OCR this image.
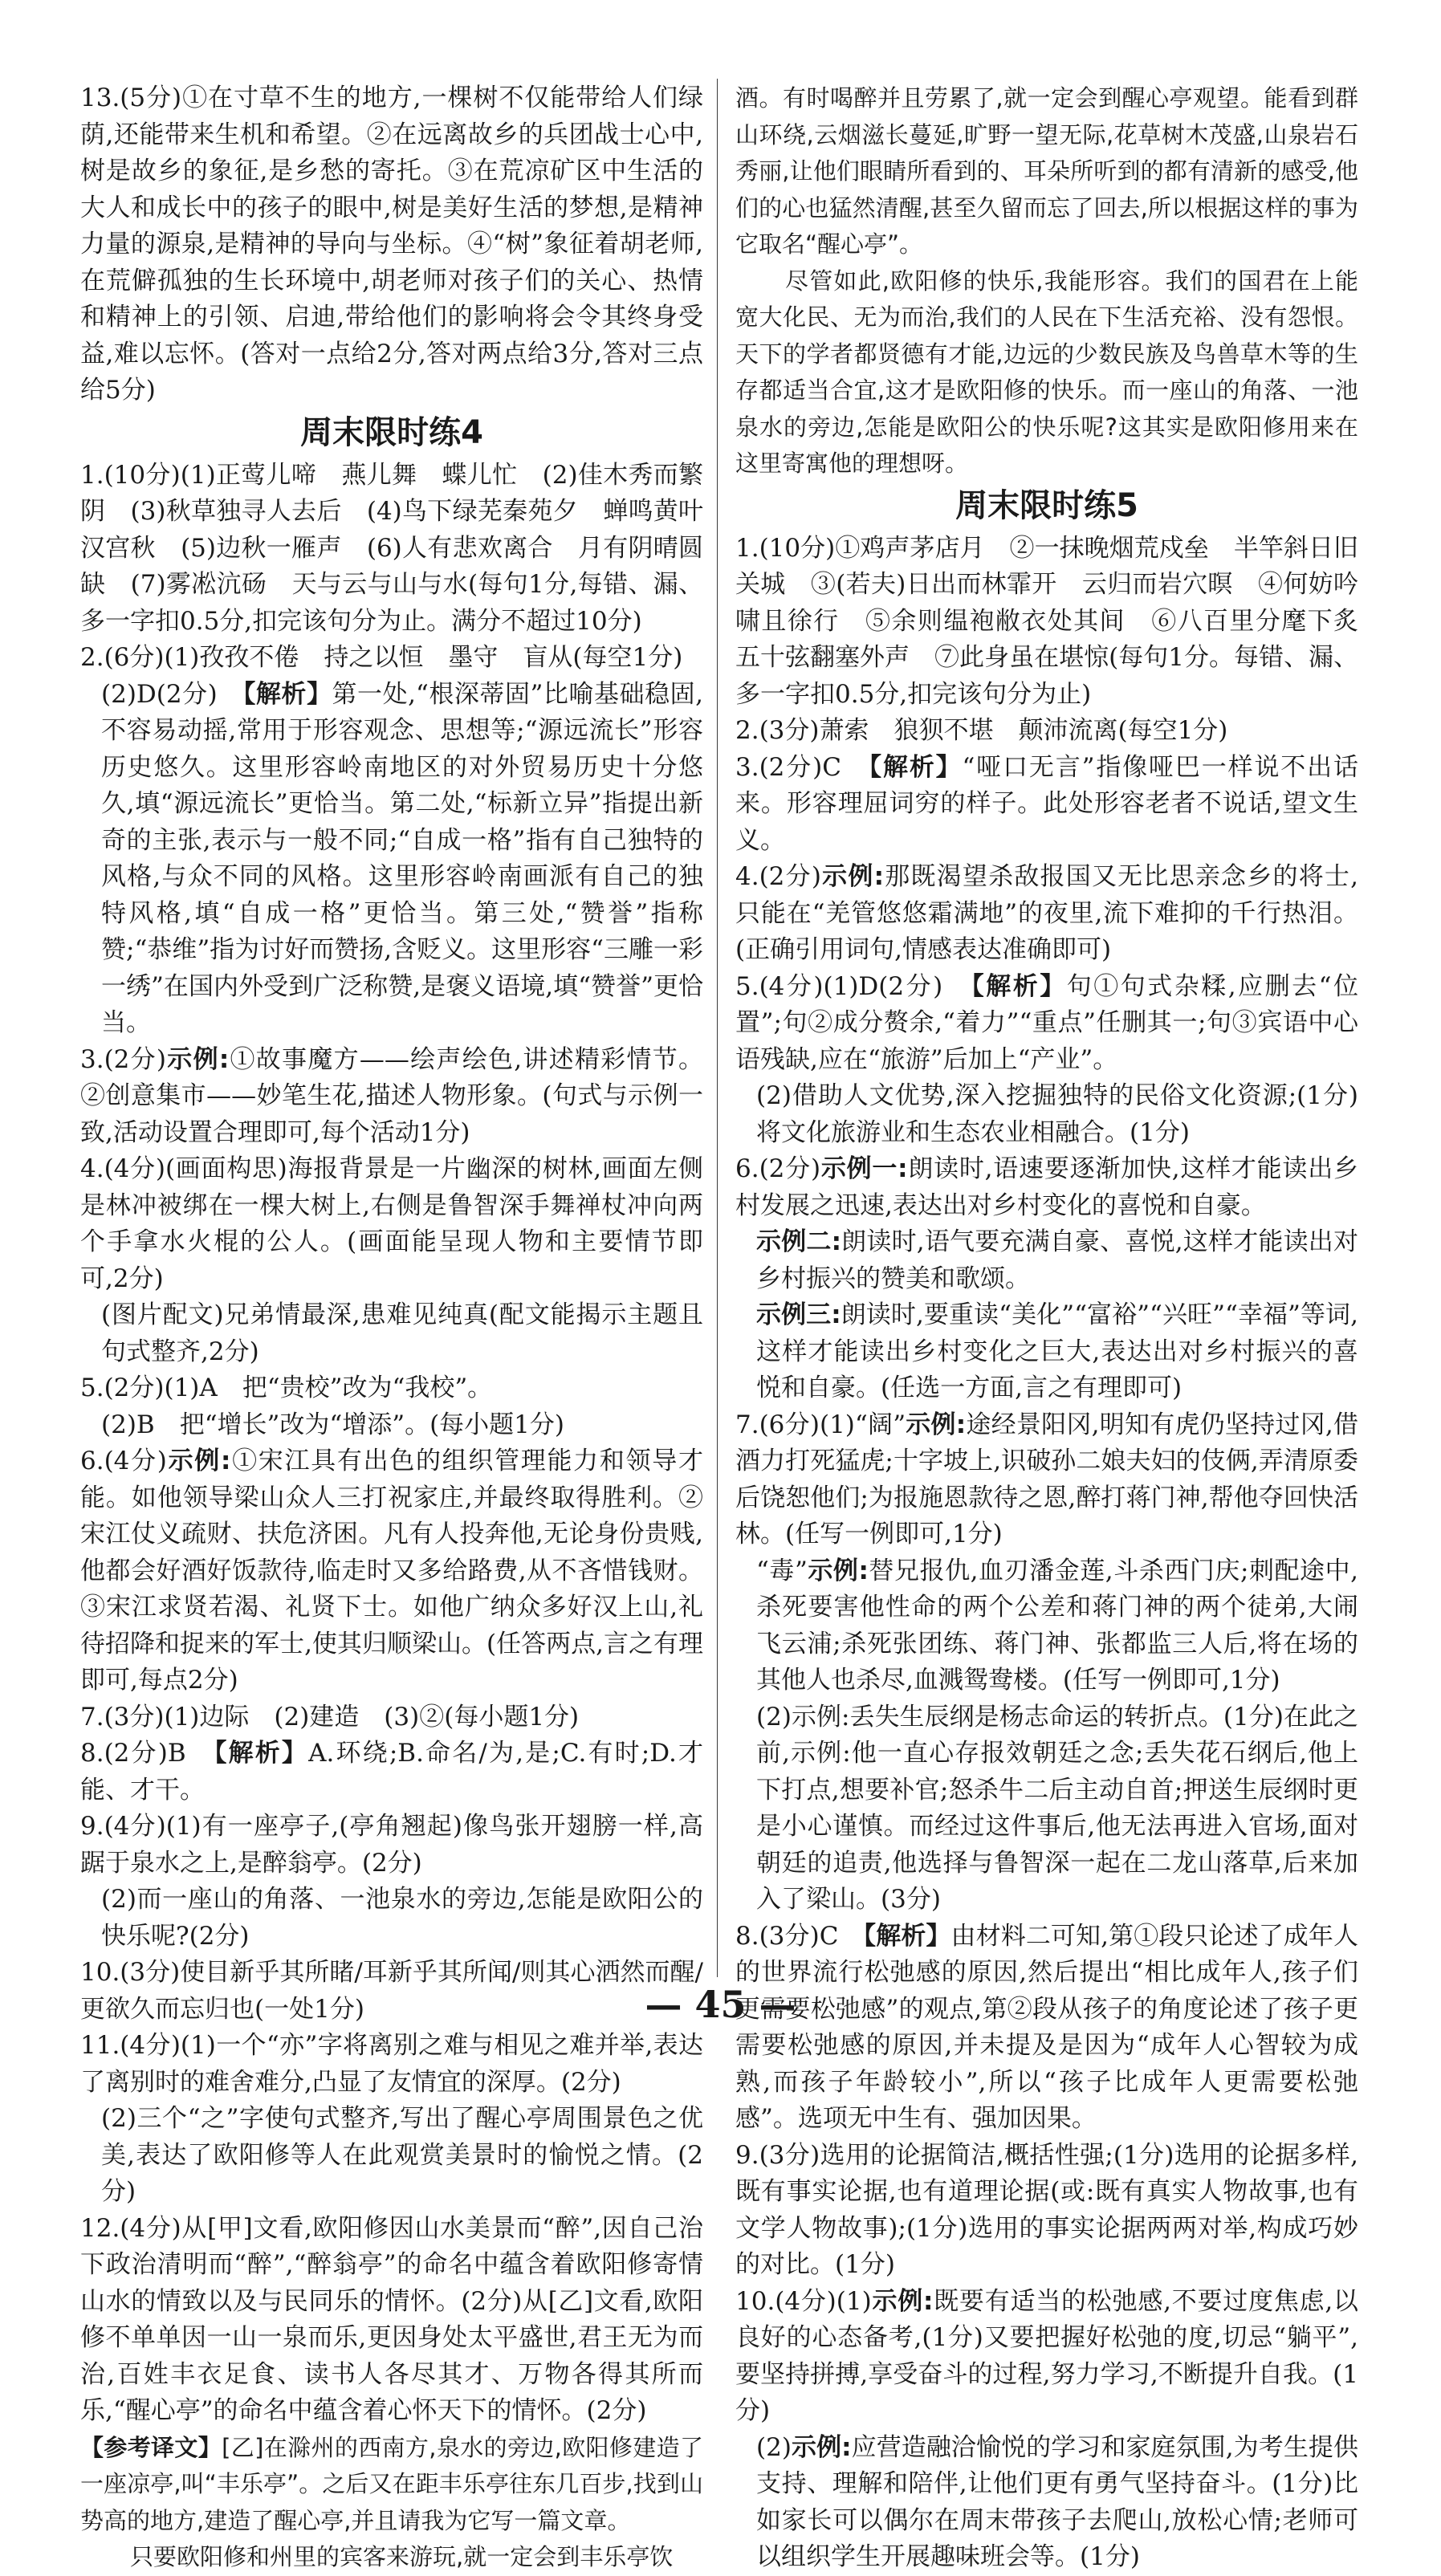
13.(5分)①在寸草不生的地方,一棵树不仅能带给人们绿荫,还能带来生机和希望。②在远离故乡的兵团战士心中,树是故乡的象征,是乡愁的寄托。③在荒凉矿区中生活的大人和成长中的孩子的眼中,树是美好生活的梦想,是精神力量的源泉,是精神的导向与坐标。④“树”象征着胡老师,在荒僻孤独的生长环境中,胡老师对孩子们的关心、热情和精神上的引领、启迪,带给他们的影响将会令其终身受益,难以忘怀。(答对一点给2分,答对两点给3分,答对三点给5分)

周末限时练4

1.(10分)(1)正莺儿啼　燕儿舞　蝶儿忙　(2)佳木秀而繁阴　(3)秋草独寻人去后　(4)鸟下绿芜秦苑夕　蝉鸣黄叶汉宫秋　(5)边秋一雁声　(6)人有悲欢离合　月有阴晴圆缺　(7)雾凇沆砀　天与云与山与水(每句1分,每错、漏、多一字扣0.5分,扣完该句分为止。满分不超过10分)

2.(6分)(1)孜孜不倦　持之以恒　墨守　盲从(每空1分)

(2)D(2分)　【解析】第一处,“根深蒂固”比喻基础稳固,不容易动摇,常用于形容观念、思想等;“源远流长”形容历史悠久。这里形容岭南地区的对外贸易历史十分悠久,填“源远流长”更恰当。第二处,“标新立异”指提出新奇的主张,表示与一般不同;“自成一格”指有自己独特的风格,与众不同的风格。这里形容岭南画派有自己的独特风格,填“自成一格”更恰当。第三处,“赞誉”指称赞;“恭维”指为讨好而赞扬,含贬义。这里形容“三雕一彩一绣”在国内外受到广泛称赞,是褒义语境,填“赞誉”更恰当。

3.(2分)示例:①故事魔方——绘声绘色,讲述精彩情节。②创意集市——妙笔生花,描述人物形象。(句式与示例一致,活动设置合理即可,每个活动1分)

4.(4分)(画面构思)海报背景是一片幽深的树林,画面左侧是林冲被绑在一棵大树上,右侧是鲁智深手舞禅杖冲向两个手拿水火棍的公人。(画面能呈现人物和主要情节即可,2分)

(图片配文)兄弟情最深,患难见纯真(配文能揭示主题且句式整齐,2分)

5.(2分)(1)A　把“贵校”改为“我校”。

(2)B　把“增长”改为“增添”。(每小题1分)

6.(4分)示例:①宋江具有出色的组织管理能力和领导才能。如他领导梁山众人三打祝家庄,并最终取得胜利。②宋江仗义疏财、扶危济困。凡有人投奔他,无论身份贵贱,他都会好酒好饭款待,临走时又多给路费,从不吝惜钱财。③宋江求贤若渴、礼贤下士。如他广纳众多好汉上山,礼待招降和捉来的军士,使其归顺梁山。(任答两点,言之有理即可,每点2分)

7.(3分)(1)边际　(2)建造　(3)②(每小题1分)

8.(2分)B　【解析】A.环绕;B.命名/为,是;C.有时;D.才能、才干。

9.(4分)(1)有一座亭子,(亭角翘起)像鸟张开翅膀一样,高踞于泉水之上,是醉翁亭。(2分)

(2)而一座山的角落、一池泉水的旁边,怎能是欧阳公的快乐呢?(2分)

10.(3分)使目新乎其所睹/耳新乎其所闻/则其心洒然而醒/更欲久而忘归也(一处1分)

11.(4分)(1)一个“亦”字将离别之难与相见之难并举,表达了离别时的难舍难分,凸显了友情宜的深厚。(2分)

(2)三个“之”字使句式整齐,写出了醒心亭周围景色之优美,表达了欧阳修等人在此观赏美景时的愉悦之情。(2分)

12.(4分)从[甲]文看,欧阳修因山水美景而“醉”,因自己治下政治清明而“醉”,“醉翁亭”的命名中蕴含着欧阳修寄情山水的情致以及与民同乐的情怀。(2分)从[乙]文看,欧阳修不单单因一山一泉而乐,更因身处太平盛世,君王无为而治,百姓丰衣足食、读书人各尽其才、万物各得其所而乐,“醒心亭”的命名中蕴含着心怀天下的情怀。(2分)

【参考译文】[乙]在滁州的西南方,泉水的旁边,欧阳修建造了一座凉亭,叫“丰乐亭”。之后又在距丰乐亭往东几百步,找到山势高的地方,建造了醒心亭,并且请我为它写一篇文章。

只要欧阳修和州里的宾客来游玩,就一定会到丰乐亭饮

酒。有时喝醉并且劳累了,就一定会到醒心亭观望。能看到群山环绕,云烟滋长蔓延,旷野一望无际,花草树木茂盛,山泉岩石秀丽,让他们眼睛所看到的、耳朵所听到的都有清新的感受,他们的心也猛然清醒,甚至久留而忘了回去,所以根据这样的事为它取名“醒心亭”。

尽管如此,欧阳修的快乐,我能形容。我们的国君在上能宽大化民、无为而治,我们的人民在下生活充裕、没有怨恨。天下的学者都贤德有才能,边远的少数民族及鸟兽草木等的生存都适当合宜,这才是欧阳修的快乐。而一座山的角落、一池泉水的旁边,怎能是欧阳公的快乐呢?这其实是欧阳修用来在这里寄寓他的理想呀。

周末限时练5

1.(10分)①鸡声茅店月　②一抹晚烟荒戍垒　半竿斜日旧关城　③(若夫)日出而林霏开　云归而岩穴暝　④何妨吟啸且徐行　⑤余则缊袍敝衣处其间　⑥八百里分麾下炙　五十弦翻塞外声　⑦此身虽在堪惊(每句1分。每错、漏、多一字扣0.5分,扣完该句分为止)

2.(3分)萧索　狼狈不堪　颠沛流离(每空1分)

3.(2分)C　【解析】“哑口无言”指像哑巴一样说不出话来。形容理屈词穷的样子。此处形容老者不说话,望文生义。

4.(2分)示例:那既渴望杀敌报国又无比思亲念乡的将士,只能在“羌管悠悠霜满地”的夜里,流下难抑的千行热泪。(正确引用词句,情感表达准确即可)

5.(4分)(1)D(2分)　【解析】句①句式杂糅,应删去“位置”;句②成分赘余,“着力”“重点”任删其一;句③宾语中心语残缺,应在“旅游”后加上“产业”。

(2)借助人文优势,深入挖掘独特的民俗文化资源;(1分)将文化旅游业和生态农业相融合。(1分)

6.(2分)示例一:朗读时,语速要逐渐加快,这样才能读出乡村发展之迅速,表达出对乡村变化的喜悦和自豪。

示例二:朗读时,语气要充满自豪、喜悦,这样才能读出对乡村振兴的赞美和歌颂。

示例三:朗读时,要重读“美化”“富裕”“兴旺”“幸福”等词,这样才能读出乡村变化之巨大,表达出对乡村振兴的喜悦和自豪。(任选一方面,言之有理即可)

7.(6分)(1)“阔”示例:途经景阳冈,明知有虎仍坚持过冈,借酒力打死猛虎;十字坡上,识破孙二娘夫妇的伎俩,弄清原委后饶恕他们;为报施恩款待之恩,醉打蒋门神,帮他夺回快活林。(任写一例即可,1分)

“毒”示例:替兄报仇,血刃潘金莲,斗杀西门庆;刺配途中,杀死要害他性命的两个公差和蒋门神的两个徒弟,大闹飞云浦;杀死张团练、蒋门神、张都监三人后,将在场的其他人也杀尽,血溅鸳鸯楼。(任写一例即可,1分)

(2)示例:丢失生辰纲是杨志命运的转折点。(1分)在此之前,示例:他一直心存报效朝廷之念;丢失花石纲后,他上下打点,想要补官;怒杀牛二后主动自首;押送生辰纲时更是小心谨慎。而经过这件事后,他无法再进入官场,面对朝廷的追责,他选择与鲁智深一起在二龙山落草,后来加入了梁山。(3分)

8.(3分)C　【解析】由材料二可知,第①段只论述了成年人的世界流行松弛感的原因,然后提出“相比成年人,孩子们更需要松弛感”的观点,第②段从孩子的角度论述了孩子更需要松弛感的原因,并未提及是因为“成年人心智较为成熟,而孩子年龄较小”,所以“孩子比成年人更需要松弛感”。选项无中生有、强加因果。

9.(3分)选用的论据简洁,概括性强;(1分)选用的论据多样,既有事实论据,也有道理论据(或:既有真实人物故事,也有文学人物故事);(1分)选用的事实论据两两对举,构成巧妙的对比。(1分)

10.(4分)(1)示例:既要有适当的松弛感,不要过度焦虑,以良好的心态备考,(1分)又要把握好松弛的度,切忌“躺平”,要坚持拼搏,享受奋斗的过程,努力学习,不断提升自我。(1分)

(2)示例:应营造融洽愉悦的学习和家庭氛围,为考生提供支持、理解和陪伴,让他们更有勇气坚持奋斗。(1分)比如家长可以偶尔在周末带孩子去爬山,放松心情;老师可以组织学生开展趣味班会等。(1分)

— 45 —
